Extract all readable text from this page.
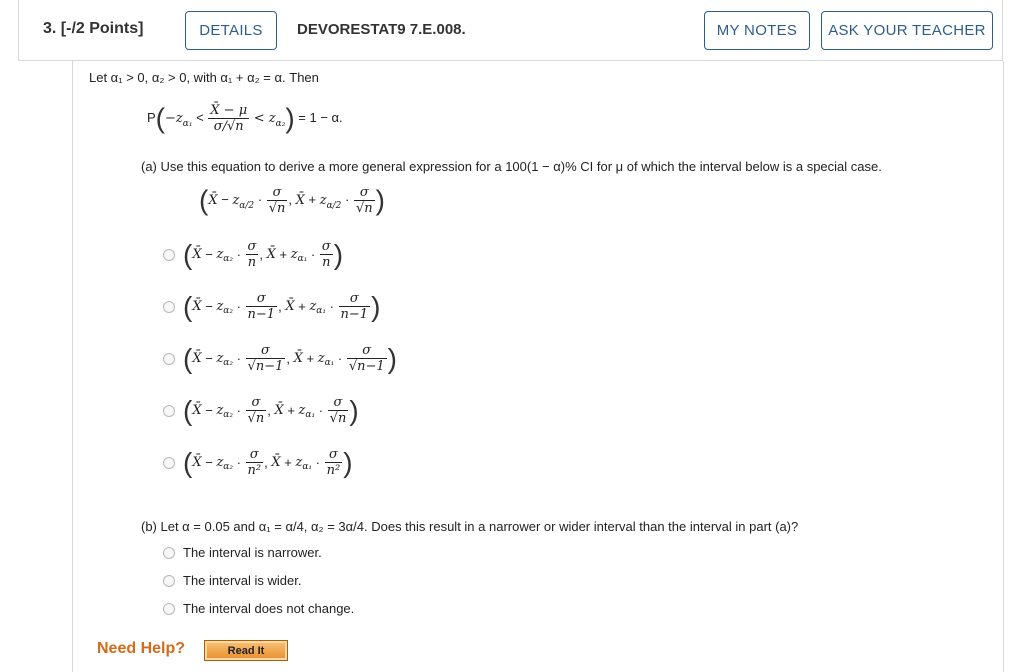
3. [-/2 Points]	DETAILS	DEVORESTAT9 7.E.008.	MY NOTES	ASK YOUR TEACHER
Let α₁ > 0, α₂ > 0, with α₁ + α₂ = α. Then
$P(-z_{\alpha_1} < \frac{X̄ - \mu}{\sigma/√n} < z_{\alpha_2}) = 1 - \alpha$.
(a) Use this equation to derive a more general expression for a 100(1 − α)% CI for μ of which the interval below is a special case.
(X̄ − $z_{\alpha/2} \cdot \frac{\sigma}{√n}$ , X̄ + $z_{\alpha/2} \cdot \frac{\sigma}{√n}$ )
( X̄
−
z $\alpha_2 \cdot \frac{\sigma}{n}$ , X̄
+
z $\alpha_1 \cdot \frac{\sigma}{n}$ )
( X̄
−
z $\alpha_2 \cdot \frac{\sigma}{n-1}$ , X̄
+
z $\alpha_1 \cdot \frac{\sigma}{n-1}$ )
( X̄
−
z $\alpha_2 \cdot \frac{\sigma}{√n-1}$ , X̄
+
z $\alpha_1 \cdot \frac{\sigma}{√n-1}$ )
( X̄
−
z $\alpha_2 \cdot \frac{\sigma}{√n}$ , X̄
+
z $\alpha_1 \cdot \frac{\sigma}{√n}$ )
( X̄
−
z $\alpha_2 \cdot \frac{\sigma}{\text{n²}}$ , X̄
+
z $\alpha_1 \cdot \frac{\sigma}{\text{n²}}$ )
(b) Let α = 0.05 and α₁ = α/4, α₂ = 3α/4. Does this result in a narrower or wider interval than the interval in part (a)?
The interval is narrower.
The interval is wider.
The interval does not change.
Need Help?	Read It
